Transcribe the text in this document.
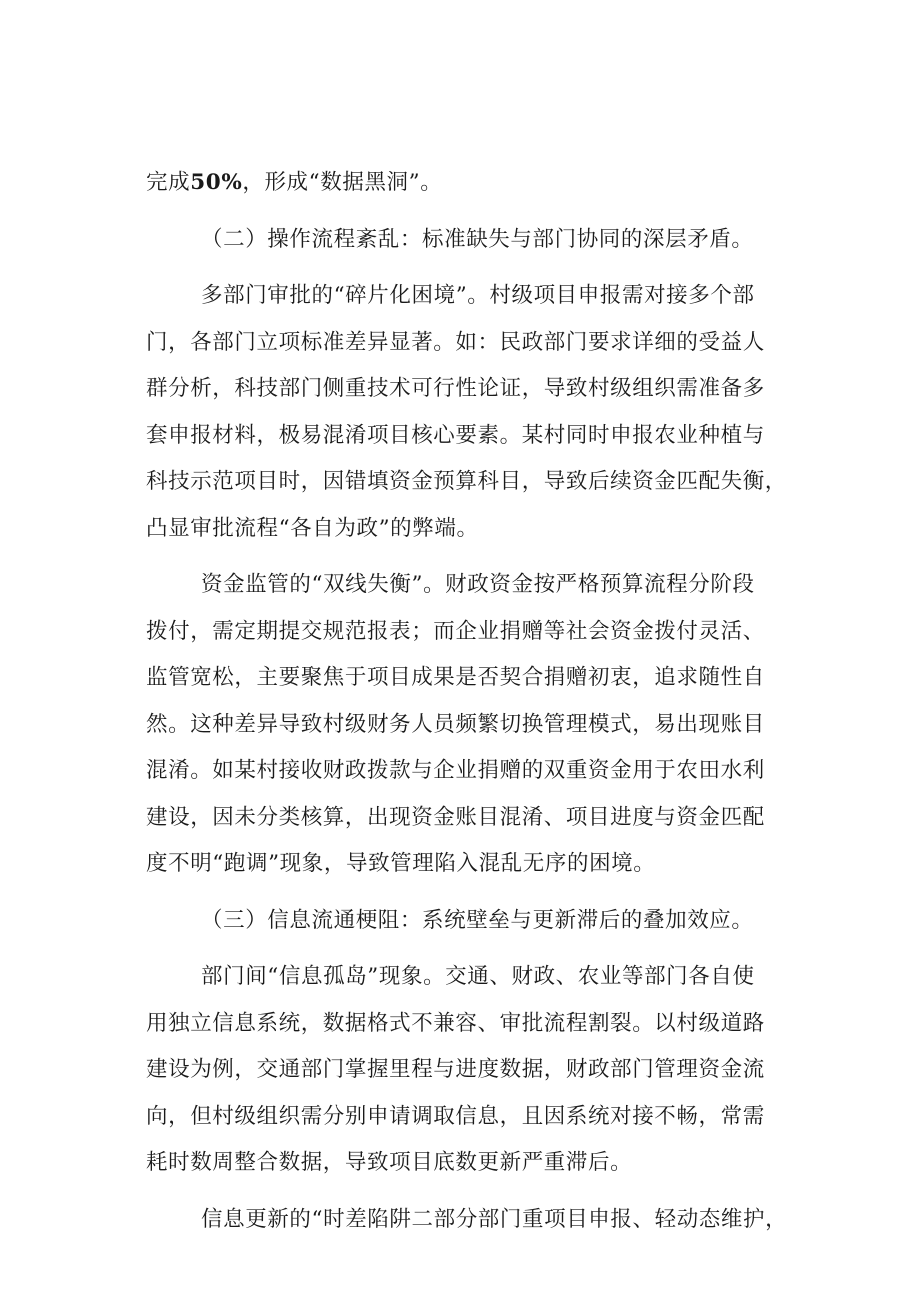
完成50%，形成“数据黑洞”。
（二）操作流程紊乱：标准缺失与部门协同的深层矛盾。
多部门审批的“碎片化困境”。村级项目申报需对接多个部
门，各部门立项标准差异显著。如：民政部门要求详细的受益人
群分析，科技部门侧重技术可行性论证，导致村级组织需准备多
套申报材料，极易混淆项目核心要素。某村同时申报农业种植与
科技示范项目时，因错填资金预算科目，导致后续资金匹配失衡，
凸显审批流程“各自为政”的弊端。
资金监管的“双线失衡”。财政资金按严格预算流程分阶段
拨付，需定期提交规范报表；而企业捐赠等社会资金拨付灵活、
监管宽松，主要聚焦于项目成果是否契合捐赠初衷，追求随性自
然。这种差异导致村级财务人员频繁切换管理模式，易出现账目
混淆。如某村接收财政拨款与企业捐赠的双重资金用于农田水利
建设，因未分类核算，出现资金账目混淆、项目进度与资金匹配
度不明“跑调”现象，导致管理陷入混乱无序的困境。
（三）信息流通梗阻：系统壁垒与更新滞后的叠加效应。
部门间“信息孤岛”现象。交通、财政、农业等部门各自使
用独立信息系统，数据格式不兼容、审批流程割裂。以村级道路
建设为例，交通部门掌握里程与进度数据，财政部门管理资金流
向，但村级组织需分别申请调取信息，且因系统对接不畅，常需
耗时数周整合数据，导致项目底数更新严重滞后。
信息更新的“时差陷阱二部分部门重项目申报、轻动态维护，
